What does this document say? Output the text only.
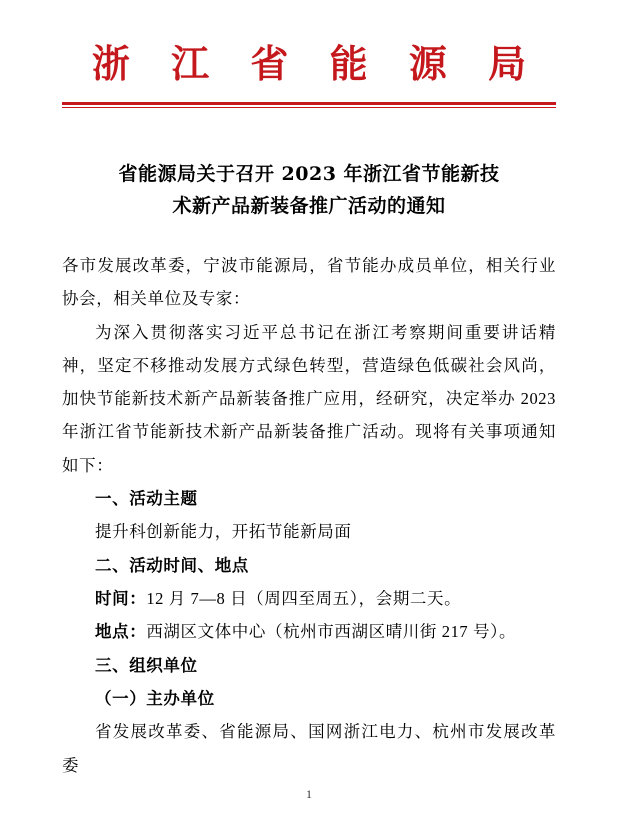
浙 江 省 能 源 局
省能源局关于召开 2023 年浙江省节能新技
术新产品新装备推广活动的通知

各市发展改革委，宁波市能源局，省节能办成员单位，相关行业协会，相关单位及专家：

为深入贯彻落实习近平总书记在浙江考察期间重要讲话精神，坚定不移推动发展方式绿色转型，营造绿色低碳社会风尚，加快节能新技术新产品新装备推广应用，经研究，决定举办 2023 年浙江省节能新技术新产品新装备推广活动。现将有关事项通知如下：

一、活动主题

提升科创新能力，开拓节能新局面

二、活动时间、地点

时间：12 月 7—8 日（周四至周五），会期二天。

地点：西湖区文体中心（杭州市西湖区晴川街 217 号）。

三、组织单位

（一）主办单位

省发展改革委、省能源局、国网浙江电力、杭州市发展改革委

1
